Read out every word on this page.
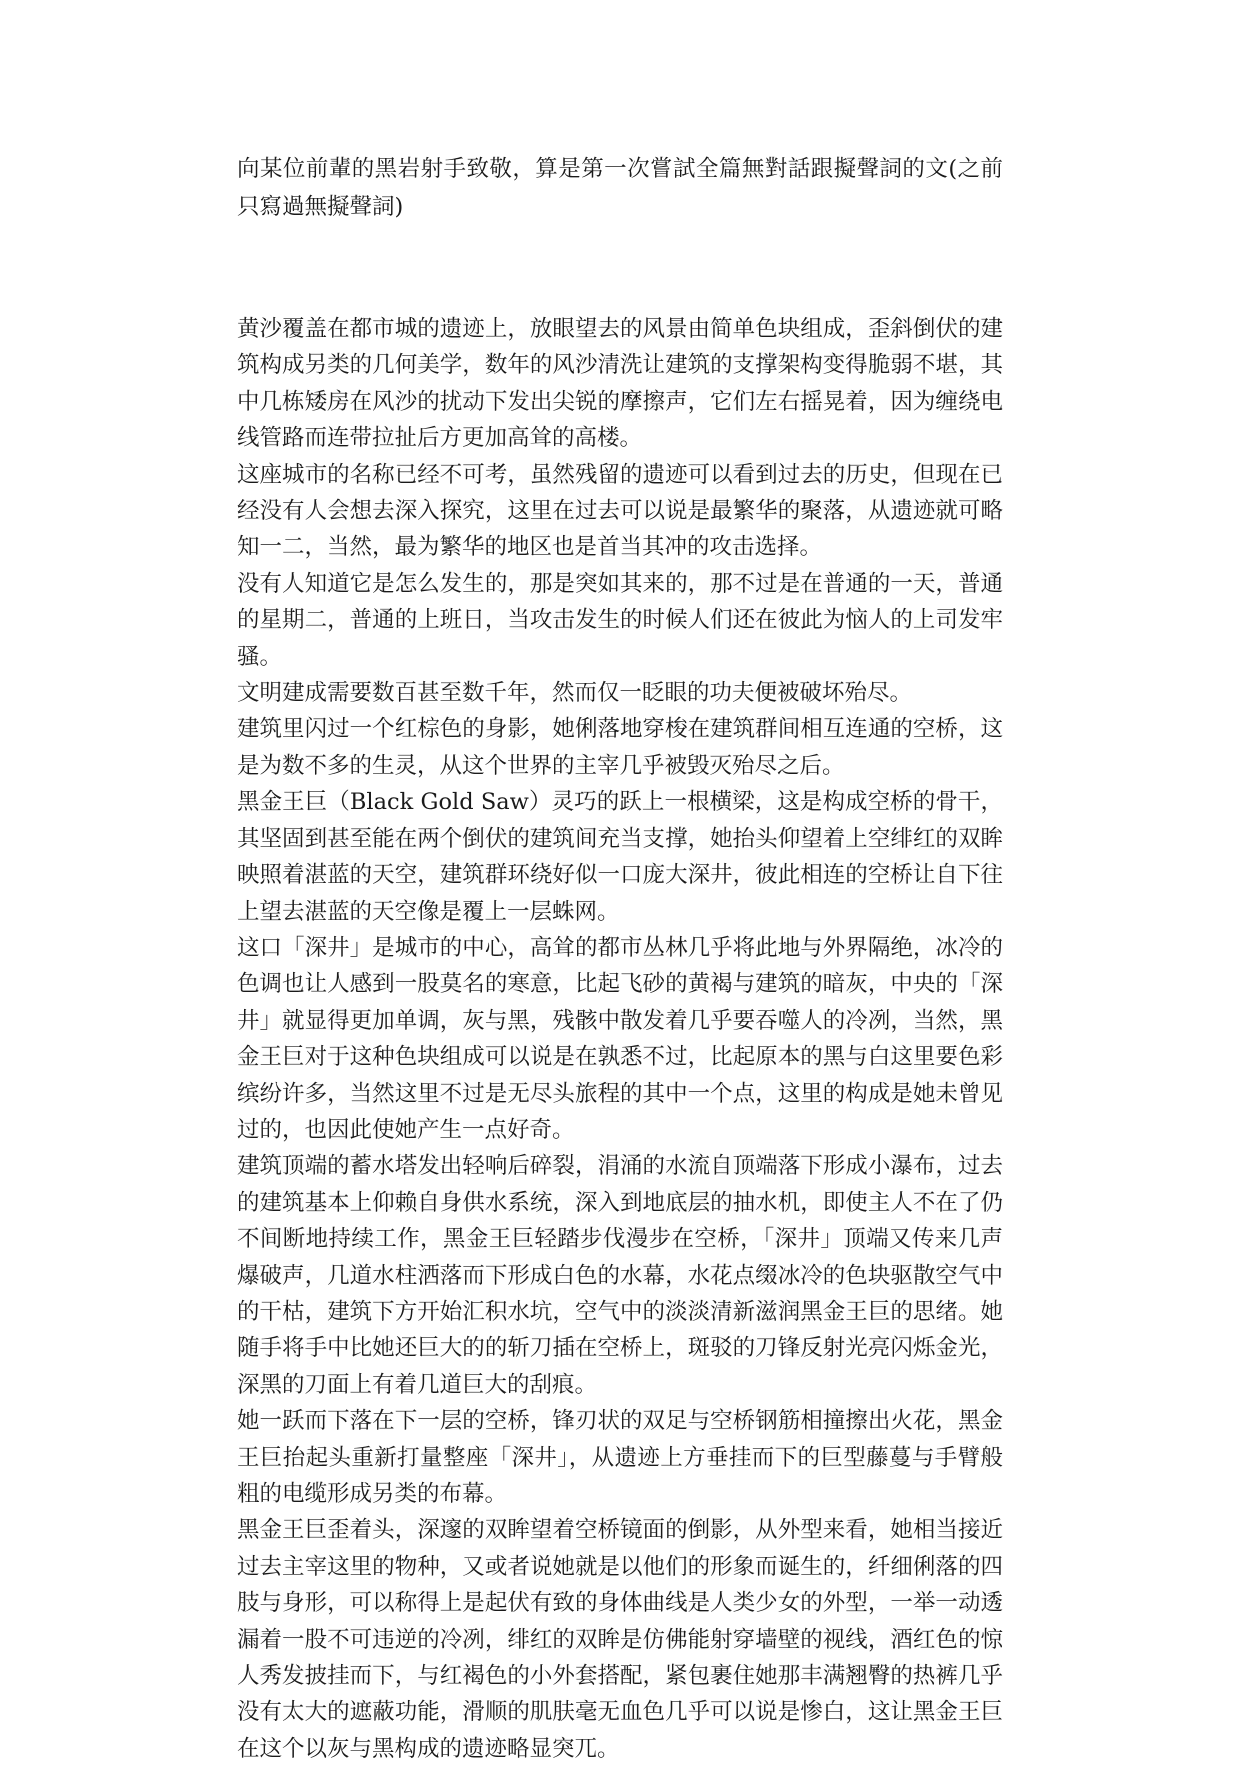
向某位前輩的黑岩射手致敬，算是第一次嘗試全篇無對話跟擬聲詞的文(之前只寫過無擬聲詞)

黄沙覆盖在都市城的遗迹上，放眼望去的风景由简单色块组成，歪斜倒伏的建筑构成另类的几何美学，数年的风沙清洗让建筑的支撑架构变得脆弱不堪，其中几栋矮房在风沙的扰动下发出尖锐的摩擦声，它们左右摇晃着，因为缠绕电线管路而连带拉扯后方更加高耸的高楼。

这座城市的名称已经不可考，虽然残留的遗迹可以看到过去的历史，但现在已经没有人会想去深入探究，这里在过去可以说是最繁华的聚落，从遗迹就可略知一二，当然，最为繁华的地区也是首当其冲的攻击选择。

没有人知道它是怎么发生的，那是突如其来的，那不过是在普通的一天，普通的星期二，普通的上班日，当攻击发生的时候人们还在彼此为恼人的上司发牢骚。

文明建成需要数百甚至数千年，然而仅一眨眼的功夫便被破坏殆尽。

建筑里闪过一个红棕色的身影，她俐落地穿梭在建筑群间相互连通的空桥，这是为数不多的生灵，从这个世界的主宰几乎被毁灭殆尽之后。

黑金王巨（Black Gold Saw）灵巧的跃上一根横梁，这是构成空桥的骨干，其坚固到甚至能在两个倒伏的建筑间充当支撑，她抬头仰望着上空绯红的双眸映照着湛蓝的天空，建筑群环绕好似一口庞大深井，彼此相连的空桥让自下往上望去湛蓝的天空像是覆上一层蛛网。

这口「深井」是城市的中心，高耸的都市丛林几乎将此地与外界隔绝，冰冷的色调也让人感到一股莫名的寒意，比起飞砂的黄褐与建筑的暗灰，中央的「深井」就显得更加单调，灰与黑，残骸中散发着几乎要吞噬人的冷冽，当然，黑金王巨对于这种色块组成可以说是在孰悉不过，比起原本的黑与白这里要色彩缤纷许多，当然这里不过是无尽头旅程的其中一个点，这里的构成是她未曾见过的，也因此使她产生一点好奇。

建筑顶端的蓄水塔发出轻响后碎裂，涓涌的水流自顶端落下形成小瀑布，过去的建筑基本上仰赖自身供水系统，深入到地底层的抽水机，即使主人不在了仍不间断地持续工作，黑金王巨轻踏步伐漫步在空桥，「深井」顶端又传来几声爆破声，几道水柱洒落而下形成白色的水幕，水花点缀冰冷的色块驱散空气中的干枯，建筑下方开始汇积水坑，空气中的淡淡清新滋润黑金王巨的思绪。她随手将手中比她还巨大的的斩刀插在空桥上，斑驳的刀锋反射光亮闪烁金光，深黑的刀面上有着几道巨大的刮痕。

她一跃而下落在下一层的空桥，锋刃状的双足与空桥钢筋相撞擦出火花，黑金王巨抬起头重新打量整座「深井」，从遗迹上方垂挂而下的巨型藤蔓与手臂般粗的电缆形成另类的布幕。

黑金王巨歪着头，深邃的双眸望着空桥镜面的倒影，从外型来看，她相当接近过去主宰这里的物种，又或者说她就是以他们的形象而诞生的，纤细俐落的四肢与身形，可以称得上是起伏有致的身体曲线是人类少女的外型，一举一动透漏着一股不可违逆的冷冽，绯红的双眸是仿佛能射穿墙壁的视线，酒红色的惊人秀发披挂而下，与红褐色的小外套搭配，紧包裹住她那丰满翘臀的热裤几乎没有太大的遮蔽功能，滑顺的肌肤毫无血色几乎可以说是惨白，这让黑金王巨在这个以灰与黑构成的遗迹略显突兀。
